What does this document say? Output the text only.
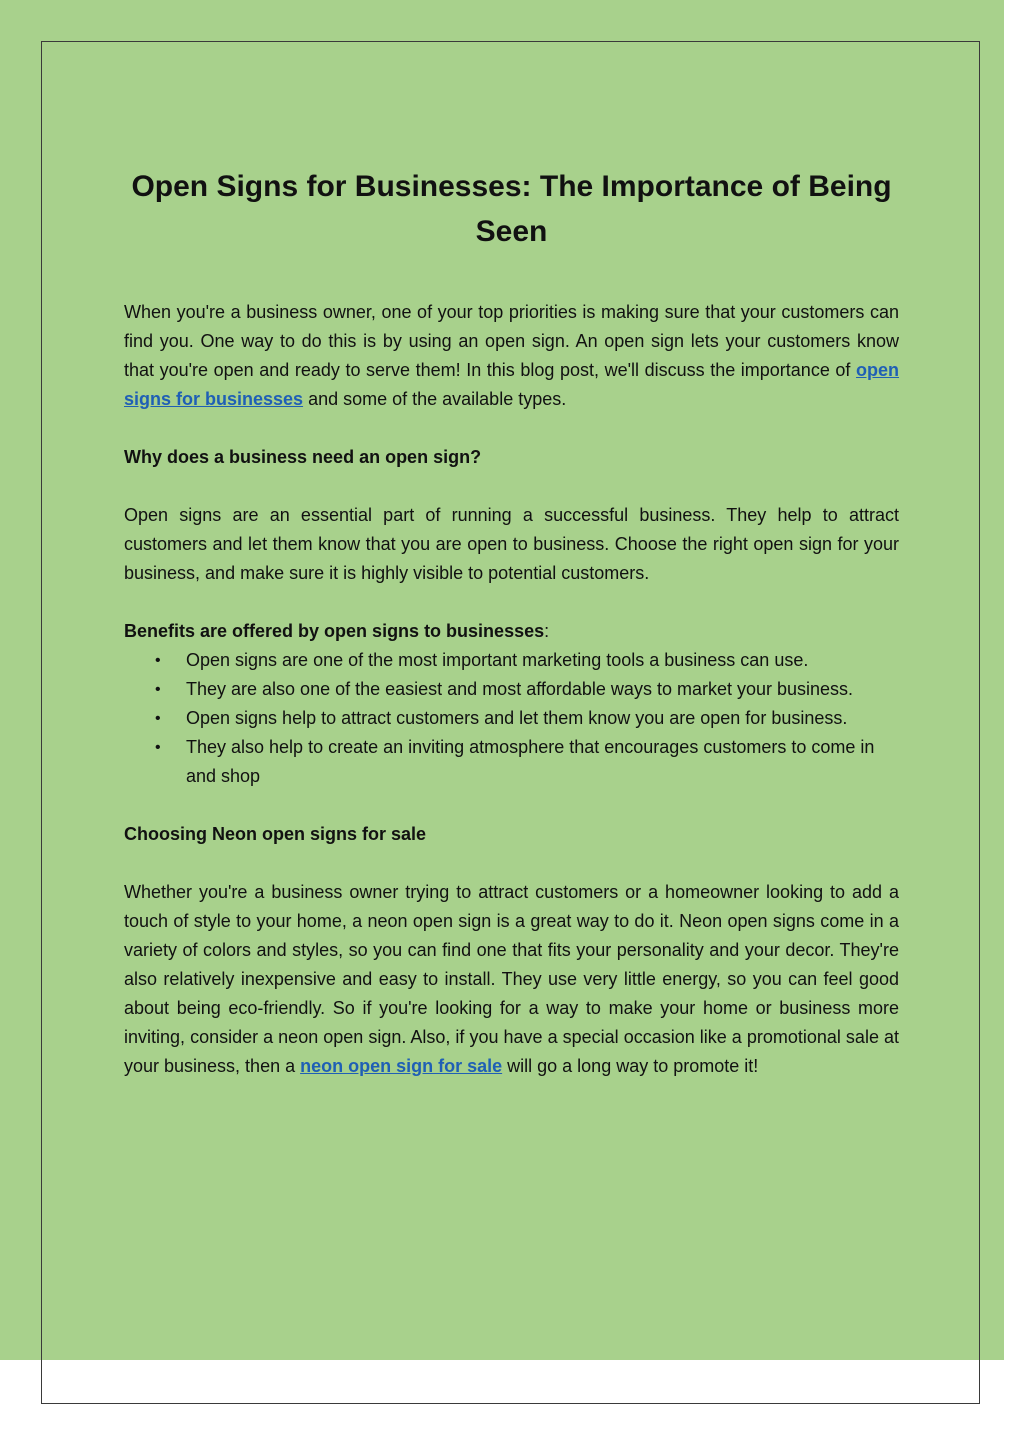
Open Signs for Businesses: The Importance of Being Seen

When you're a business owner, one of your top priorities is making sure that your customers can find you. One way to do this is by using an open sign. An open sign lets your customers know that you're open and ready to serve them! In this blog post, we'll discuss the importance of open signs for businesses and some of the available types.

Why does a business need an open sign?

Open signs are an essential part of running a successful business. They help to attract customers and let them know that you are open to business. Choose the right open sign for your business, and make sure it is highly visible to potential customers.

Benefits are offered by open signs to businesses:

• Open signs are one of the most important marketing tools a business can use.
• They are also one of the easiest and most affordable ways to market your business.
• Open signs help to attract customers and let them know you are open for business.
• They also help to create an inviting atmosphere that encourages customers to come in and shop

Choosing Neon open signs for sale

Whether you're a business owner trying to attract customers or a homeowner looking to add a touch of style to your home, a neon open sign is a great way to do it. Neon open signs come in a variety of colors and styles, so you can find one that fits your personality and your decor. They're also relatively inexpensive and easy to install. They use very little energy, so you can feel good about being eco-friendly. So if you're looking for a way to make your home or business more inviting, consider a neon open sign. Also, if you have a special occasion like a promotional sale at your business, then a neon open sign for sale will go a long way to promote it!
